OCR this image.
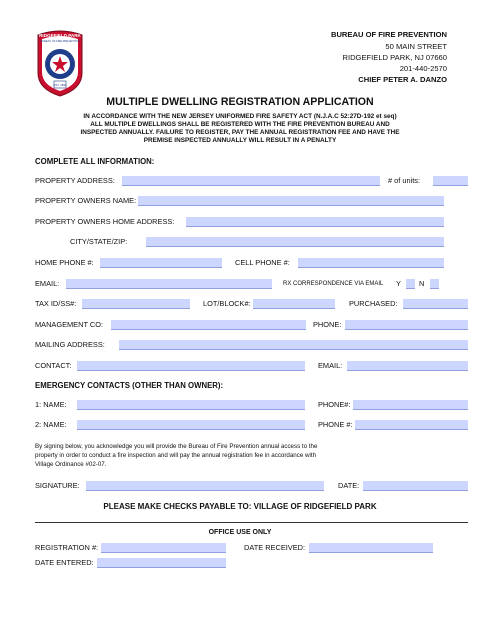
RIDGEFIELD PARK
BUREAU OF FIRE PREVENTION
EST. 1892
BUREAU OF FIRE PREVENTION
50 MAIN STREET
RIDGEFIELD PARK, NJ 07660
201-440-2570
CHIEF PETER A. DANZO
MULTIPLE DWELLING REGISTRATION APPLICATION
IN ACCORDANCE WITH THE NEW JERSEY UNIFORMED FIRE SAFETY ACT (N.J.A.C 52:27D-192 et seq)
ALL MULTIPLE DWELLINGS SHALL BE REGISTERED WITH THE FIRE PREVENTION BUREAU AND
INSPECTED ANNUALLY. FAILURE TO REGISTER, PAY THE ANNUAL REGISTRATION FEE AND HAVE THE
PREMISE INSPECTED ANNUALLY WILL RESULT IN A PENALTY
COMPLETE ALL INFORMATION:
PROPERTY ADDRESS:	# of units:
PROPERTY OWNERS NAME:
PROPERTY OWNERS HOME ADDRESS:
CITY/STATE/ZIP:
HOME PHONE #:	CELL PHONE #:
EMAIL:	RX CORRESPONDENCE VIA EMAIL Y N
TAX ID/SS#:	LOT/BLOCK#:	PURCHASED:
MANAGEMENT CO:	PHONE:
MAILING ADDRESS:
CONTACT:	EMAIL:
EMERGENCY CONTACTS (OTHER THAN OWNER):
1: NAME:	PHONE#:
2: NAME:	PHONE #:
By signing below, you acknowledge you will provide the Bureau of Fire Prevention annual access to the
property in order to conduct a fire inspection and will pay the annual registration fee in accordance with
Village Ordinance #02-07.
SIGNATURE:	DATE:
PLEASE MAKE CHECKS PAYABLE TO: VILLAGE OF RIDGEFIELD PARK
OFFICE USE ONLY
REGISTRATION #:	DATE RECEIVED:
DATE ENTERED:
